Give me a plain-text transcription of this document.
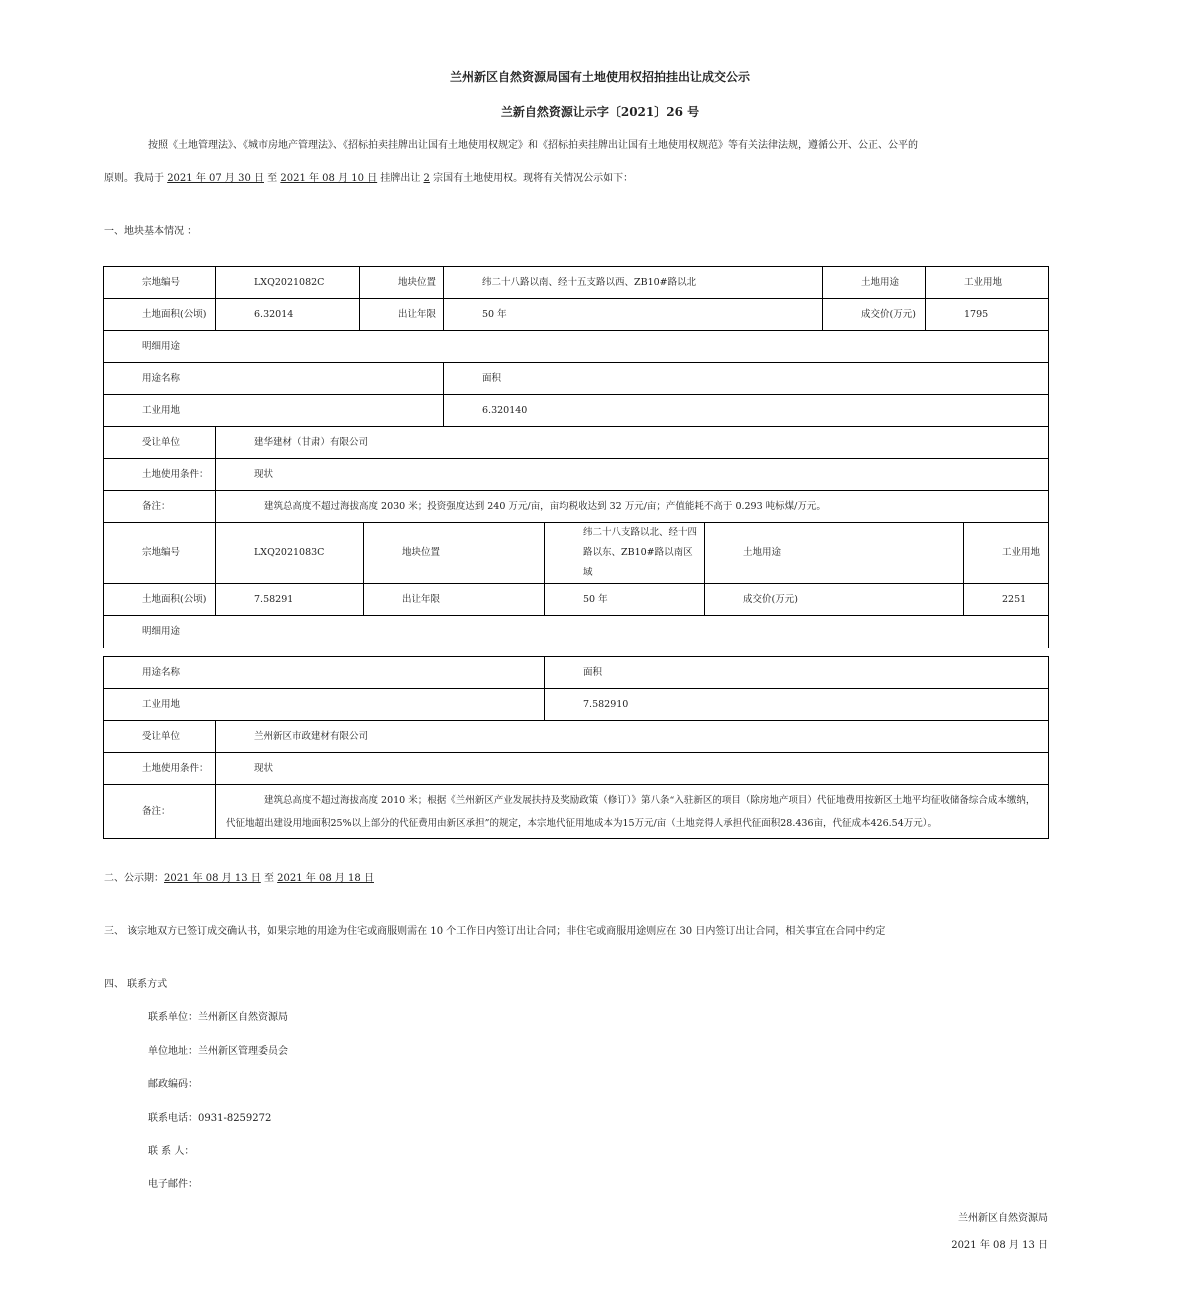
兰州新区自然资源局国有土地使用权招拍挂出让成交公示
兰新自然资源让示字〔2021〕26 号
按照《土地管理法》、《城市房地产管理法》、《招标拍卖挂牌出让国有土地使用权规定》和《招标拍卖挂牌出让国有土地使用权规范》等有关法律法规，遵循公开、公正、公平的
原则。我局于 2021 年 07 月 30 日 至 2021 年 08 月 10 日 挂牌出让 2 宗国有土地使用权。现将有关情况公示如下：
一、地块基本情况 ：
宗地编号	LXQ2021082C	地块位置	纬二十八路以南、经十五支路以西、ZB10#路以北	土地用途	工业用地
土地面积(公顷)	6.32014	出让年限	50 年	成交价(万元)	1795
明细用途					
用途名称			面积		
工业用地			6.320140		
受让单位	建华建材（甘肃）有限公司				
土地使用条件：	现状				
备注：	建筑总高度不超过海拔高度 2030 米；投资强度达到 240 万元/亩，亩均税收达到 32 万元/亩；产值能耗不高于 0.293 吨标煤/万元。				
宗地编号	LXQ2021083C	地块位置	纬二十八支路以北、经十四路以东、ZB10#路以南区域	土地用途	工业用地
土地面积(公顷)	7.58291	出让年限	50 年	成交价(万元)	2251
明细用途					
用途名称		面积
工业用地		7.582910
受让单位	兰州新区市政建材有限公司	
土地使用条件：	现状	
备注：	建筑总高度不超过海拔高度 2010 米；根据《兰州新区产业发展扶持及奖励政策（修订）》第八条“入驻新区的项目（除房地产项目）代征地费用按新区土地平均征收储备综合成本缴纳，代征地超出建设用地面积25%以上部分的代征费用由新区承担”的规定，本宗地代征用地成本为15万元/亩（土地竞得人承担代征面积28.436亩，代征成本426.54万元）。	
二、公示期：2021 年 08 月 13 日 至 2021 年 08 月 18 日
三、 该宗地双方已签订成交确认书，如果宗地的用途为住宅或商服则需在 10 个工作日内签订出让合同；非住宅或商服用途则应在 30 日内签订出让合同，相关事宜在合同中约定
四、 联系方式
联系单位：兰州新区自然资源局
单位地址：兰州新区管理委员会
邮政编码：
联系电话：0931-8259272
联 系 人：
电子邮件：
兰州新区自然资源局
2021 年 08 月 13 日
